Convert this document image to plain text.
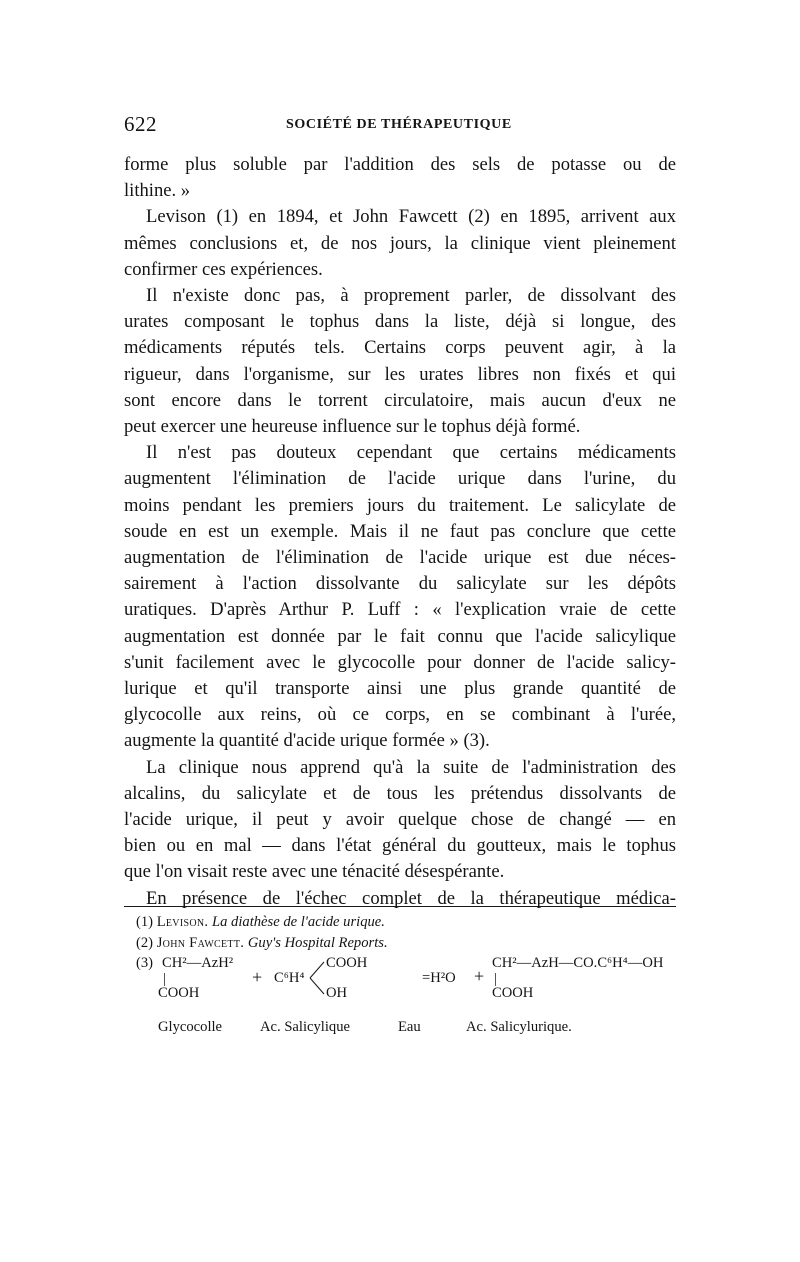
622	SOCIÉTÉ DE THÉRAPEUTIQUE
forme plus soluble par l'addition des sels de potasse ou de
lithine. »
Levison (1) en 1894, et John Fawcett (2) en 1895, arrivent aux
mêmes conclusions et, de nos jours, la clinique vient pleinement
confirmer ces expériences.
Il n'existe donc pas, à proprement parler, de dissolvant des
urates composant le tophus dans la liste, déjà si longue, des
médicaments réputés tels. Certains corps peuvent agir, à la
rigueur, dans l'organisme, sur les urates libres non fixés et qui
sont encore dans le torrent circulatoire, mais aucun d'eux ne
peut exercer une heureuse influence sur le tophus déjà formé.
Il n'est pas douteux cependant que certains médicaments
augmentent l'élimination de l'acide urique dans l'urine, du
moins pendant les premiers jours du traitement. Le salicylate de
soude en est un exemple. Mais il ne faut pas conclure que cette
augmentation de l'élimination de l'acide urique est due néces-
sairement à l'action dissolvante du salicylate sur les dépôts
uratiques. D'après Arthur P. Luff : « l'explication vraie de cette
augmentation est donnée par le fait connu que l'acide salicylique
s'unit facilement avec le glycocolle pour donner de l'acide salicy-
lurique et qu'il transporte ainsi une plus grande quantité de
glycocolle aux reins, où ce corps, en se combinant à l'urée,
augmente la quantité d'acide urique formée » (3).
La clinique nous apprend qu'à la suite de l'administration des
alcalins, du salicylate et de tous les prétendus dissolvants de
l'acide urique, il peut y avoir quelque chose de changé — en
bien ou en mal — dans l'état général du goutteux, mais le tophus
que l'on visait reste avec une ténacité désespérante.
En présence de l'échec complet de la thérapeutique médica-
(1) Levison. La diathèse de l'acide urique.
(2) John Fawcett. Guy's Hospital Reports.
(3) CH²—AzH²
|
COOH
+ C⁶H⁴
COOH
OH
=H²O +
CH²—AzH—CO.C⁶H⁴—OH
|
COOH
Glycocolle	Ac. Salicylique	Eau	Ac. Salicylurique.
